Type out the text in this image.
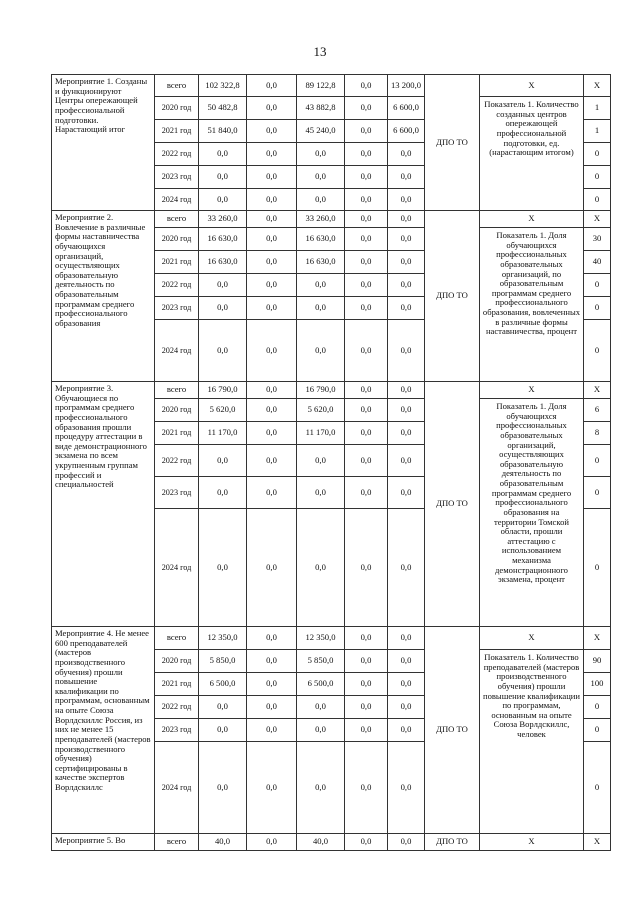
13
Мероприятие 1. Созданы и функционируют Центры опережающей профессиональной подготовки. Нарастающий итог	всего	102 322,8	0,0	89 122,8	0,0	13 200,0	ДПО ТО	X	X
	2020 год	50 482,8	0,0	43 882,8	0,0	6 600,0		Показатель 1. Количество созданных центров опережающей профессиональной подготовки, ед. (нарастающим итогом)	1
	2021 год	51 840,0	0,0	45 240,0	0,0	6 600,0			1
	2022 год	0,0	0,0	0,0	0,0	0,0			0
	2023 год	0,0	0,0	0,0	0,0	0,0			0
	2024 год	0,0	0,0	0,0	0,0	0,0			0
Мероприятие 2. Вовлечение в различные формы наставничества обучающихся организаций, осуществляющих образовательную деятельность по образовательным программам среднего профессионального образования	всего	33 260,0	0,0	33 260,0	0,0	0,0	ДПО ТО	X	X
	2020 год	16 630,0	0,0	16 630,0	0,0	0,0		Показатель 1. Доля обучающихся профессиональных образовательных организаций, по образовательным программам среднего профессионального образования, вовлеченных в различные формы наставничества, процент	30
	2021 год	16 630,0	0,0	16 630,0	0,0	0,0			40
	2022 год	0,0	0,0	0,0	0,0	0,0			0
	2023 год	0,0	0,0	0,0	0,0	0,0			0
	2024 год	0,0	0,0	0,0	0,0	0,0			0
Мероприятие 3. Обучающиеся по программам среднего профессионального образования прошли процедуру аттестации в виде демонстрационного экзамена по всем укрупненным группам профессий и специальностей	всего	16 790,0	0,0	16 790,0	0,0	0,0	ДПО ТО	X	X
	2020 год	5 620,0	0,0	5 620,0	0,0	0,0		Показатель 1. Доля обучающихся профессиональных образовательных организаций, осуществляющих образовательную деятельность по образовательным программам среднего профессионального образования на территории Томской области, прошли аттестацию с использованием механизма демонстрационного экзамена, процент	6
	2021 год	11 170,0	0,0	11 170,0	0,0	0,0			8
	2022 год	0,0	0,0	0,0	0,0	0,0			0
	2023 год	0,0	0,0	0,0	0,0	0,0			0
	2024 год	0,0	0,0	0,0	0,0	0,0			0
Мероприятие 4. Не менее 600 преподавателей (мастеров производственного обучения) прошли повышение квалификации по программам, основанным на опыте Союза Ворлдскиллс Россия, из них не менее 15 преподавателей (мастеров производственного обучения) сертифицированы в качестве экспертов Ворлдскиллс	всего	12 350,0	0,0	12 350,0	0,0	0,0	ДПО ТО	X	X
	2020 год	5 850,0	0,0	5 850,0	0,0	0,0		Показатель 1. Количество преподавателей (мастеров производственного обучения) прошли повышение квалификации по программам, основанным на опыте Союза Ворлдскиллс, человек	90
	2021 год	6 500,0	0,0	6 500,0	0,0	0,0			100
	2022 год	0,0	0,0	0,0	0,0	0,0			0
	2023 год	0,0	0,0	0,0	0,0	0,0			0
	2024 год	0,0	0,0	0,0	0,0	0,0			0
Мероприятие 5. Во	всего	40,0	0,0	40,0	0,0	0,0	ДПО ТО	X	X
